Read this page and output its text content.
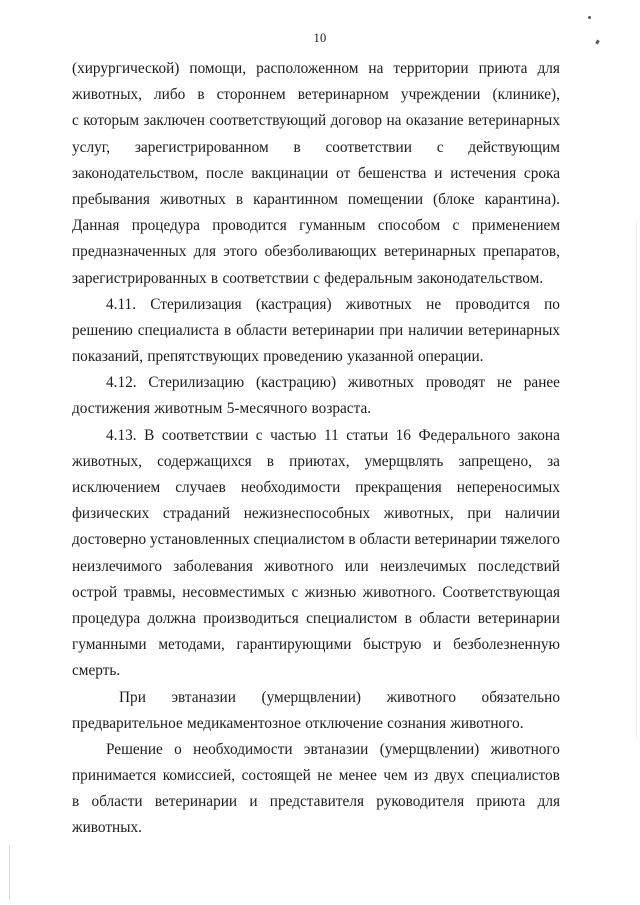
10
(хирургической) помощи, расположенном на территории приюта для
животных, либо в стороннем ветеринарном учреждении (клинике),
с которым заключен соответствующий договор на оказание ветеринарных
услуг, зарегистрированном в соответствии с действующим
законодательством, после вакцинации от бешенства и истечения срока
пребывания животных в карантинном помещении (блоке карантина).
Данная процедура проводится гуманным способом с применением
предназначенных для этого обезболивающих ветеринарных препаратов,
зарегистрированных в соответствии с федеральным законодательством.
4.11. Стерилизация (кастрация) животных не проводится по
решению специалиста в области ветеринарии при наличии ветеринарных
показаний, препятствующих проведению указанной операции.
4.12. Стерилизацию (кастрацию) животных проводят не ранее
достижения животным 5-месячного возраста.
4.13. В соответствии с частью 11 статьи 16 Федерального закона
животных, содержащихся в приютах, умерщвлять запрещено, за
исключением случаев необходимости прекращения непереносимых
физических страданий нежизнеспособных животных, при наличии
достоверно установленных специалистом в области ветеринарии тяжелого
неизлечимого заболевания животного или неизлечимых последствий
острой травмы, несовместимых с жизнью животного. Соответствующая
процедура должна производиться специалистом в области ветеринарии
гуманными методами, гарантирующими быструю и безболезненную
смерть.
При эвтаназии (умерщвлении) животного обязательно
предварительное медикаментозное отключение сознания животного.
Решение о необходимости эвтаназии (умерщвлении) животного
принимается комиссией, состоящей не менее чем из двух специалистов
в области ветеринарии и представителя руководителя приюта для
животных.
